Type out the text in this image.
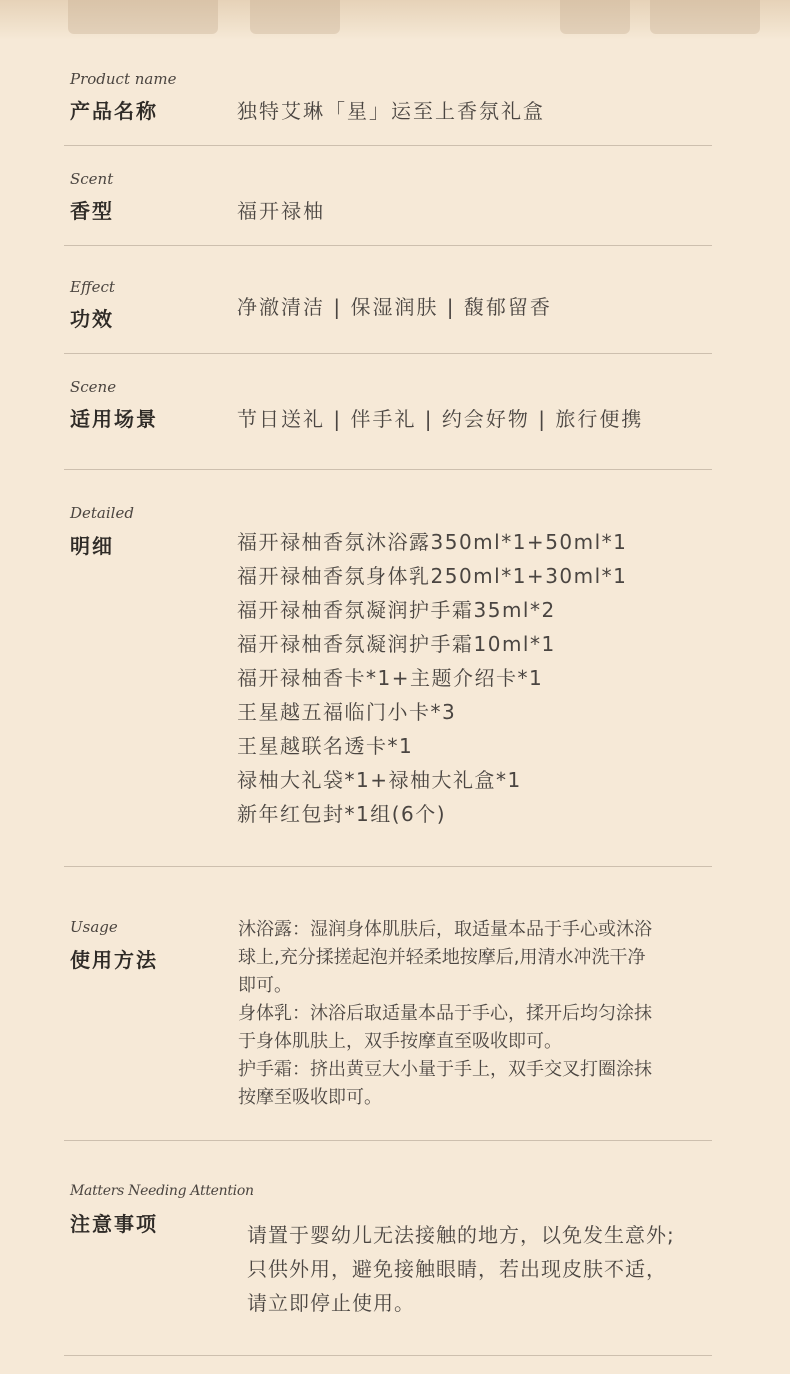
Product name
产品名称	独特艾琳「星」运至上香氛礼盒
Scent
香型	福开禄柚
Effect
功效	净澈清洁 | 保湿润肤 | 馥郁留香
Scene
适用场景	节日送礼 | 伴手礼 | 约会好物 | 旅行便携
Detailed
明细	福开禄柚香氛沐浴露350ml*1+50ml*1
福开禄柚香氛身体乳250ml*1+30ml*1
福开禄柚香氛凝润护手霜35ml*2
福开禄柚香氛凝润护手霜10ml*1
福开禄柚香卡*1+主题介绍卡*1
王星越五福临门小卡*3
王星越联名透卡*1
禄柚大礼袋*1+禄柚大礼盒*1
新年红包封*1组(6个)
Usage
使用方法
沐浴露：湿润身体肌肤后，取适量本品于手心或沐浴
球上,充分揉搓起泡并轻柔地按摩后,用清水冲洗干净
即可。
身体乳：沐浴后取适量本品于手心，揉开后均匀涂抹
于身体肌肤上，双手按摩直至吸收即可。
护手霜：挤出黄豆大小量于手上，双手交叉打圈涂抹
按摩至吸收即可。
Matters Needing Attention
注意事项	请置于婴幼儿无法接触的地方，以免发生意外;
只供外用，避免接触眼睛，若出现皮肤不适，
请立即停止使用。
